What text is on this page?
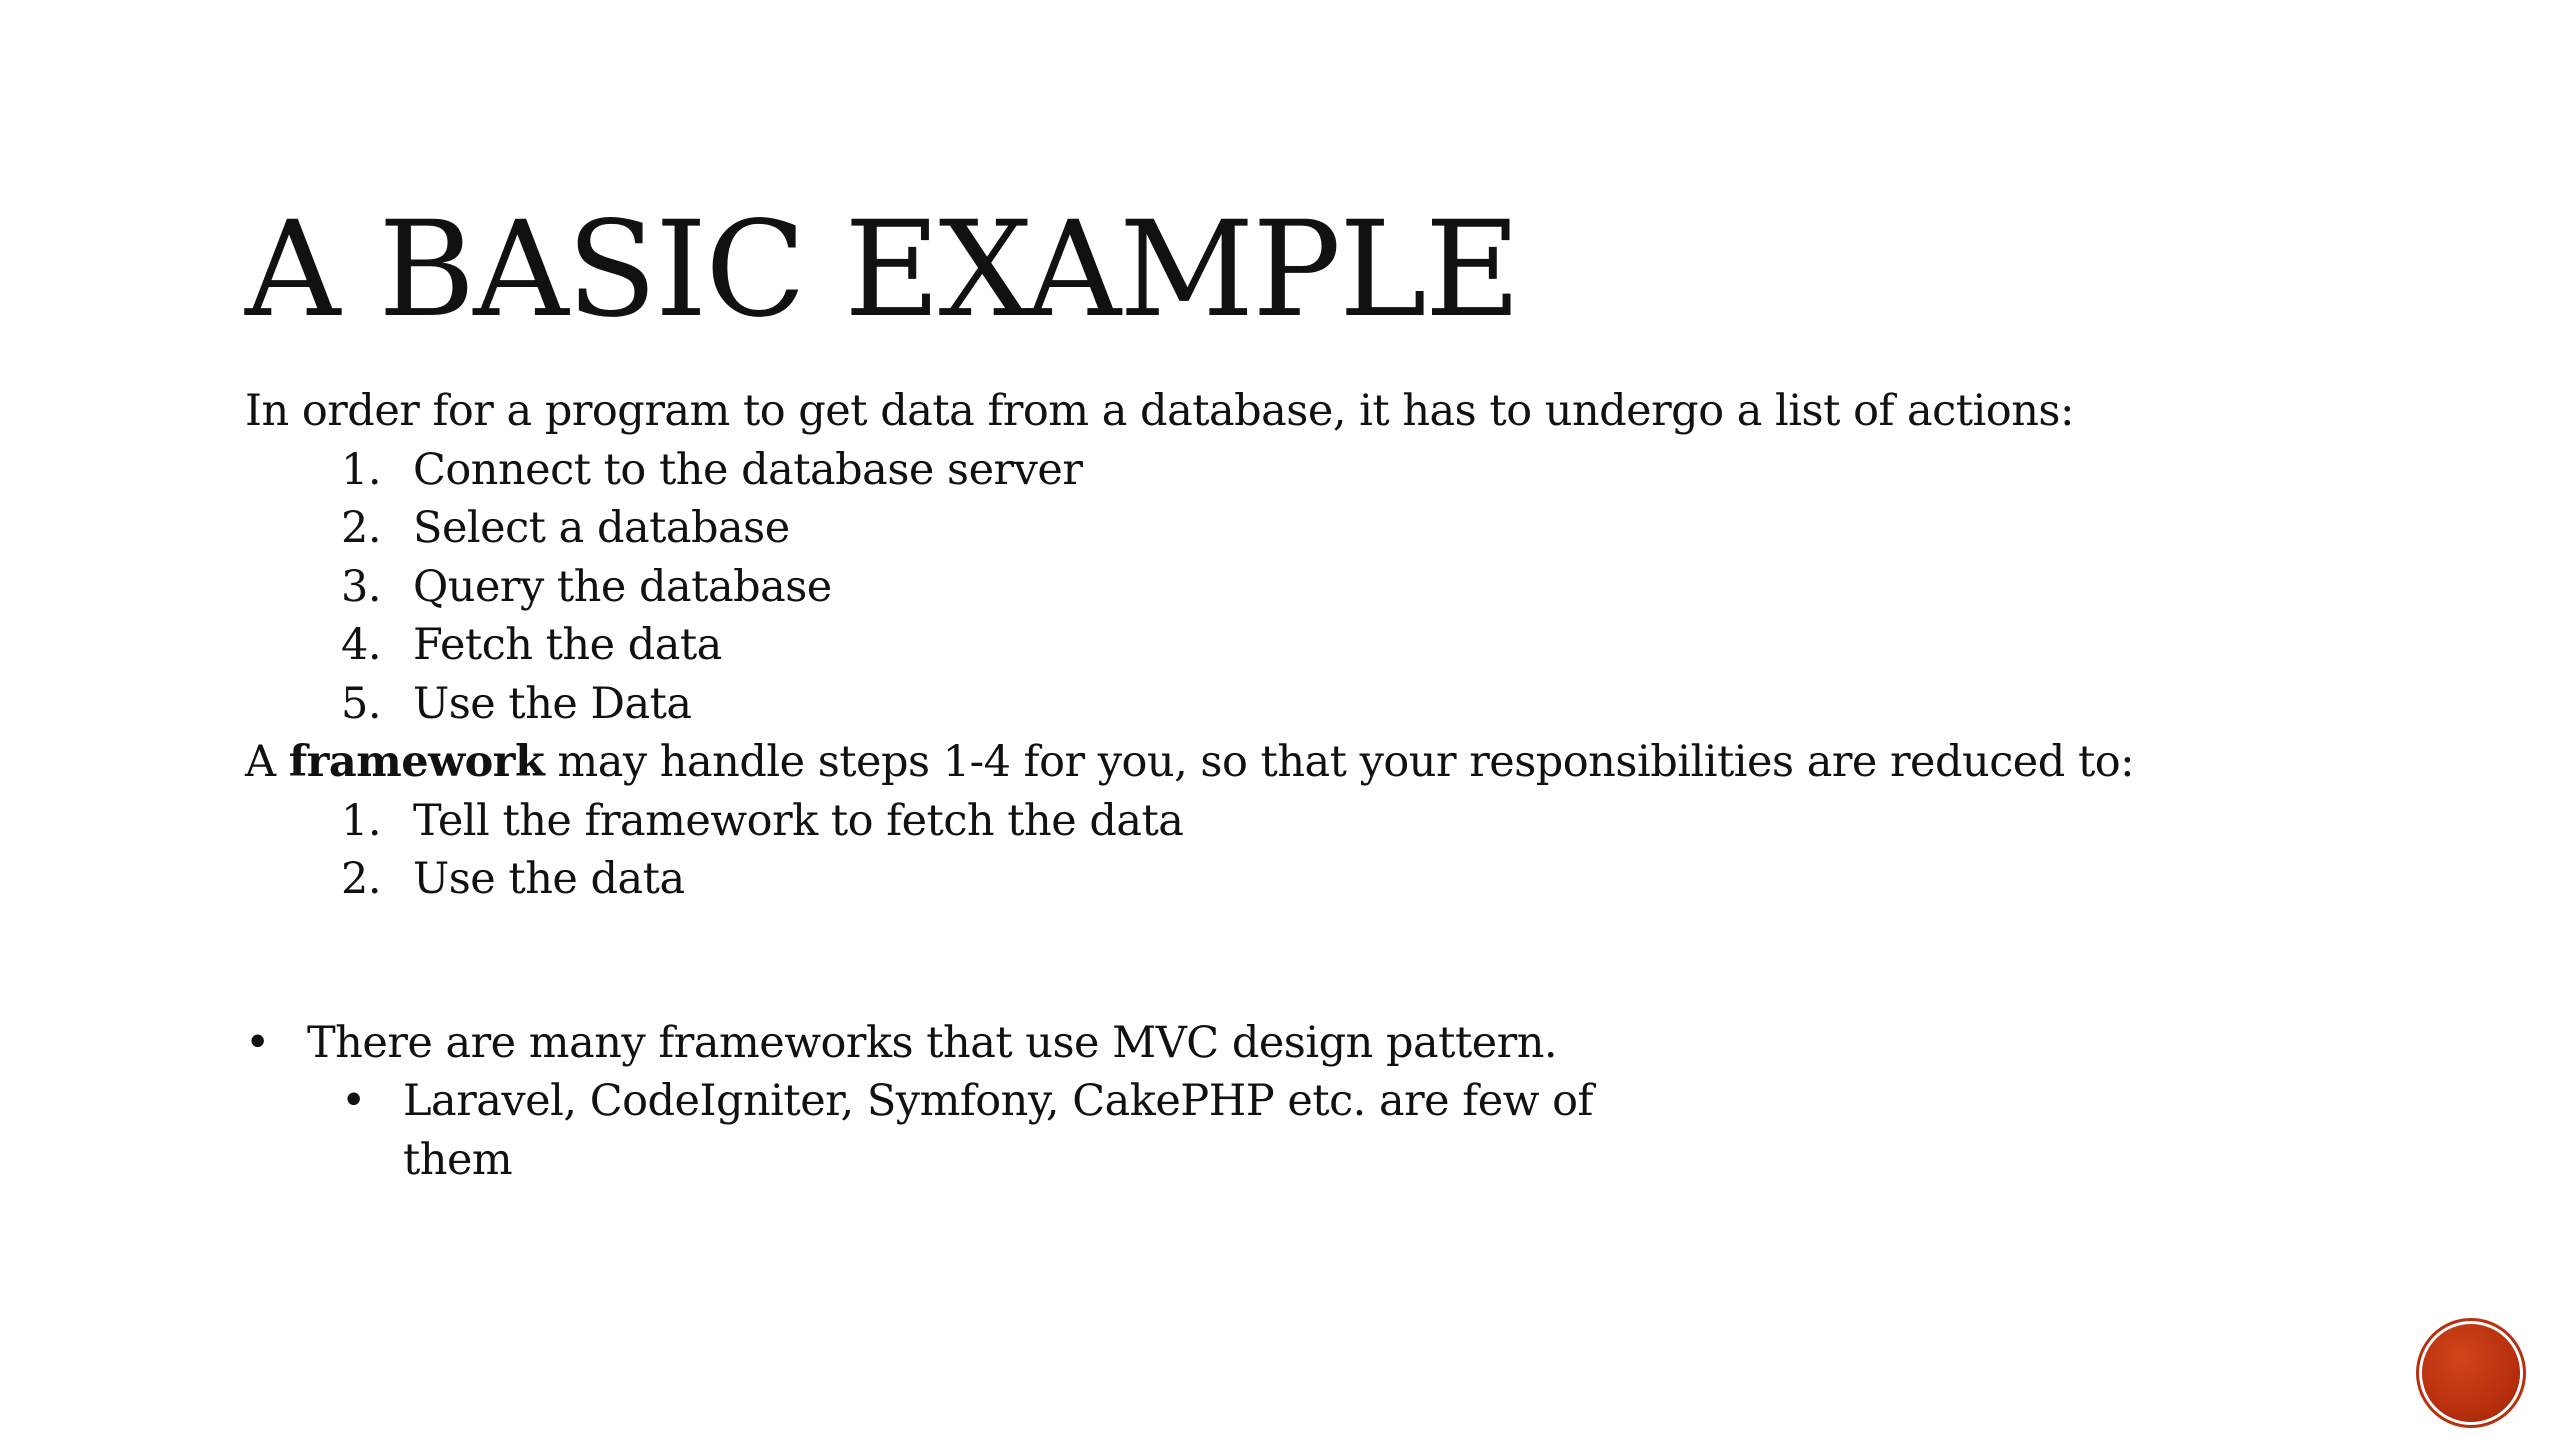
A BASIC EXAMPLE
In order for a program to get data from a database, it has to undergo a list of actions:
1. Connect to the database server
2. Select a database
3. Query the database
4. Fetch the data
5. Use the Data
A framework may handle steps 1-4 for you, so that your responsibilities are reduced to:
1. Tell the framework to fetch the data
2. Use the data
• There are many frameworks that use MVC design pattern.
• Laravel, CodeIgniter, Symfony, CakePHP etc. are few of
them
